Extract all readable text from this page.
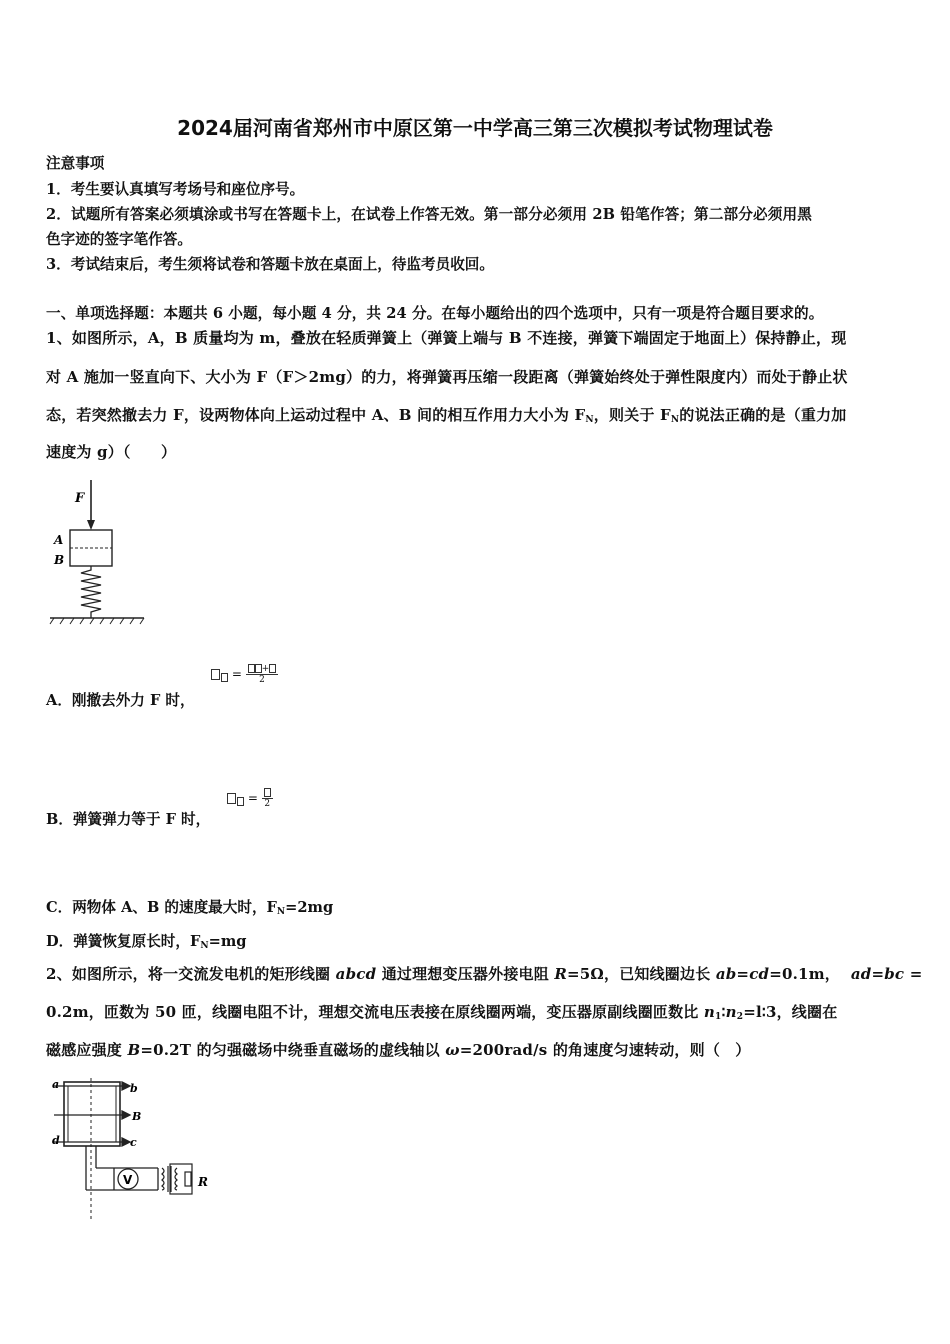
2024届河南省郑州市中原区第一中学高三第三次模拟考试物理试卷
注意事项
1．考生要认真填写考场号和座位序号。
2．试题所有答案必须填涂或书写在答题卡上，在试卷上作答无效。第一部分必须用 2B 铅笔作答；第二部分必须用黑
色字迹的签字笔作答。
3．考试结束后，考生须将试卷和答题卡放在桌面上，待监考员收回。
一、单项选择题：本题共 6 小题，每小题 4 分，共 24 分。在每小题给出的四个选项中，只有一项是符合题目要求的。
1、如图所示，A，B 质量均为 m，叠放在轻质弹簧上（弹簧上端与 B 不连接，弹簧下端固定于地面上）保持静止，现
对 A 施加一竖直向下、大小为 F（F＞2mg）的力，将弹簧再压缩一段距离（弹簧始终处于弹性限度内）而处于静止状
态，若突然撤去力 F，设两物体向上运动过程中 A、B 间的相互作用力大小为 $F_N$，则关于 $F_N$的说法正确的是（重力加
速度为 g）（　　）
F
A
B
= $\frac{+}{2}$
A．刚撤去外力 F 时，
= 2
B．弹簧弹力等于 F 时，
C．两物体 A、B 的速度最大时，$F_N=2mg$
D．弹簧恢复原长时，$F_N=mg$
2、如图所示，将一交流发电机的矩形线圈 abcd 通过理想变压器外接电阻 R=5Ω，已知线圈边长 ab=cd=0.1m， ad=bc =
0.2m，匝数为 50 匝，线圈电阻不计，理想交流电压表接在原线圈两端，变压器原副线圈匝数比 $n_1∶n_2=l∶3$，线圈在
磁感应强度 B=0.2T 的匀强磁场中绕垂直磁场的虚线轴以 ω=200rad/s 的角速度匀速转动，则（　）
a	b
B
d	c
V	R
